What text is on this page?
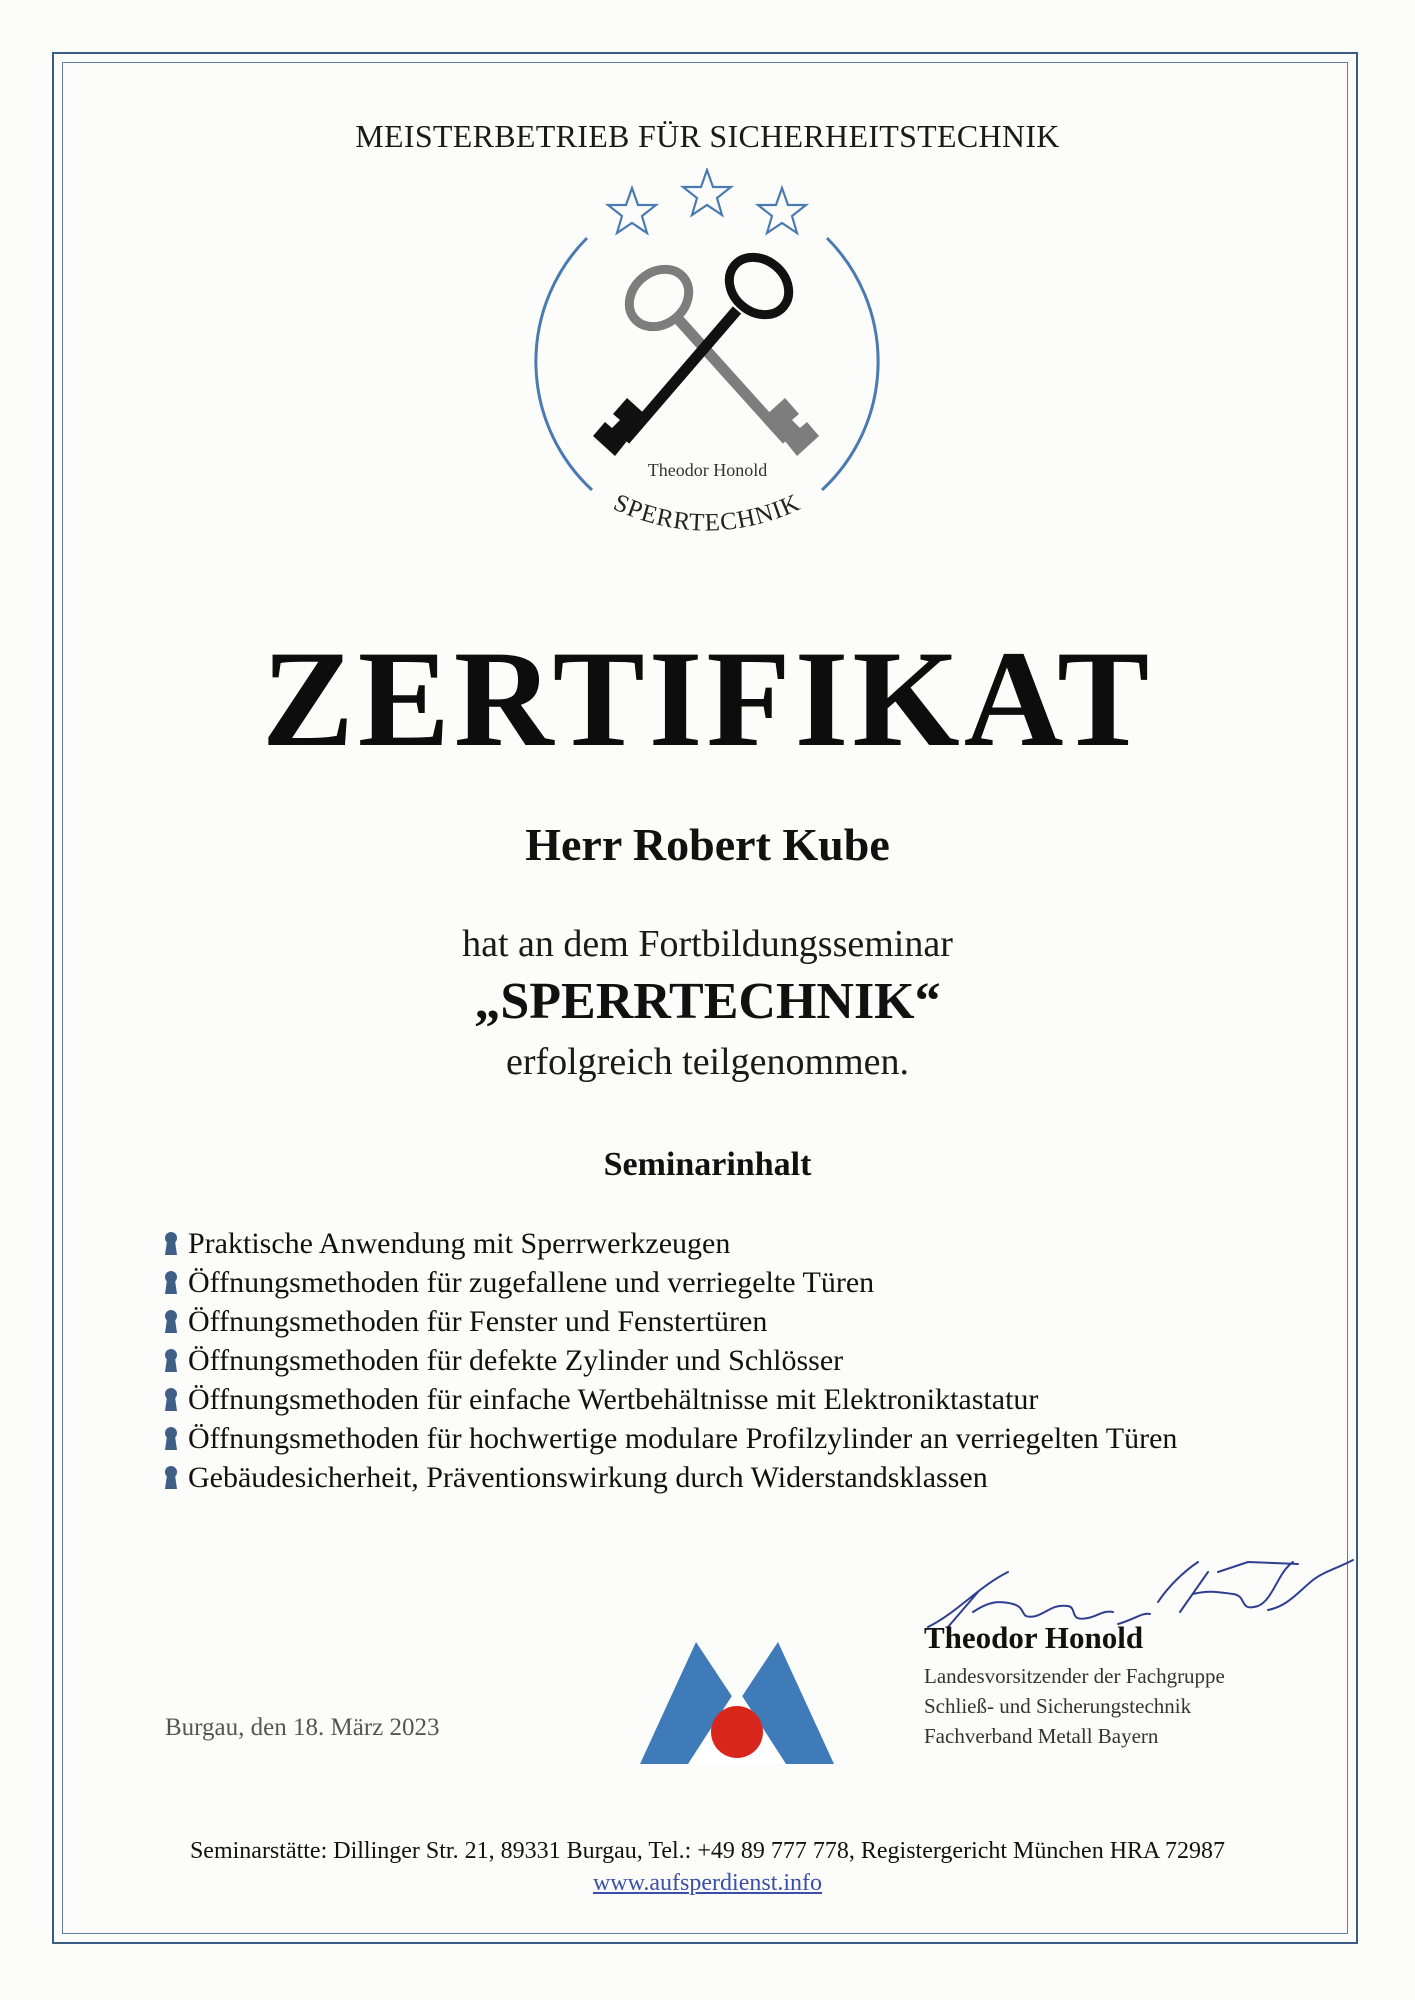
MEISTERBETRIEB FÜR SICHERHEITSTECHNIK
SPERRTECHNIK
Theodor Honold
ZERTIFIKAT
Herr Robert Kube
hat an dem Fortbildungsseminar
„SPERRTECHNIK“
erfolgreich teilgenommen.
Seminarinhalt
Praktische Anwendung mit Sperrwerkzeugen
Öffnungsmethoden für zugefallene und verriegelte Türen
Öffnungsmethoden für Fenster und Fenstertüren
Öffnungsmethoden für defekte Zylinder und Schlösser
Öffnungsmethoden für einfache Wertbehältnisse mit Elektroniktastatur
Öffnungsmethoden für hochwertige modulare Profilzylinder an verriegelten Türen
Gebäudesicherheit, Präventionswirkung durch Widerstandsklassen
Theodor Honold
Landesvorsitzender der Fachgruppe
Schließ- und Sicherungstechnik
Fachverband Metall Bayern
Burgau, den 18. März 2023
Seminarstätte: Dillinger Str. 21, 89331 Burgau, Tel.: +49 89 777 778, Registergericht München HRA 72987
www.aufsperdienst.info
